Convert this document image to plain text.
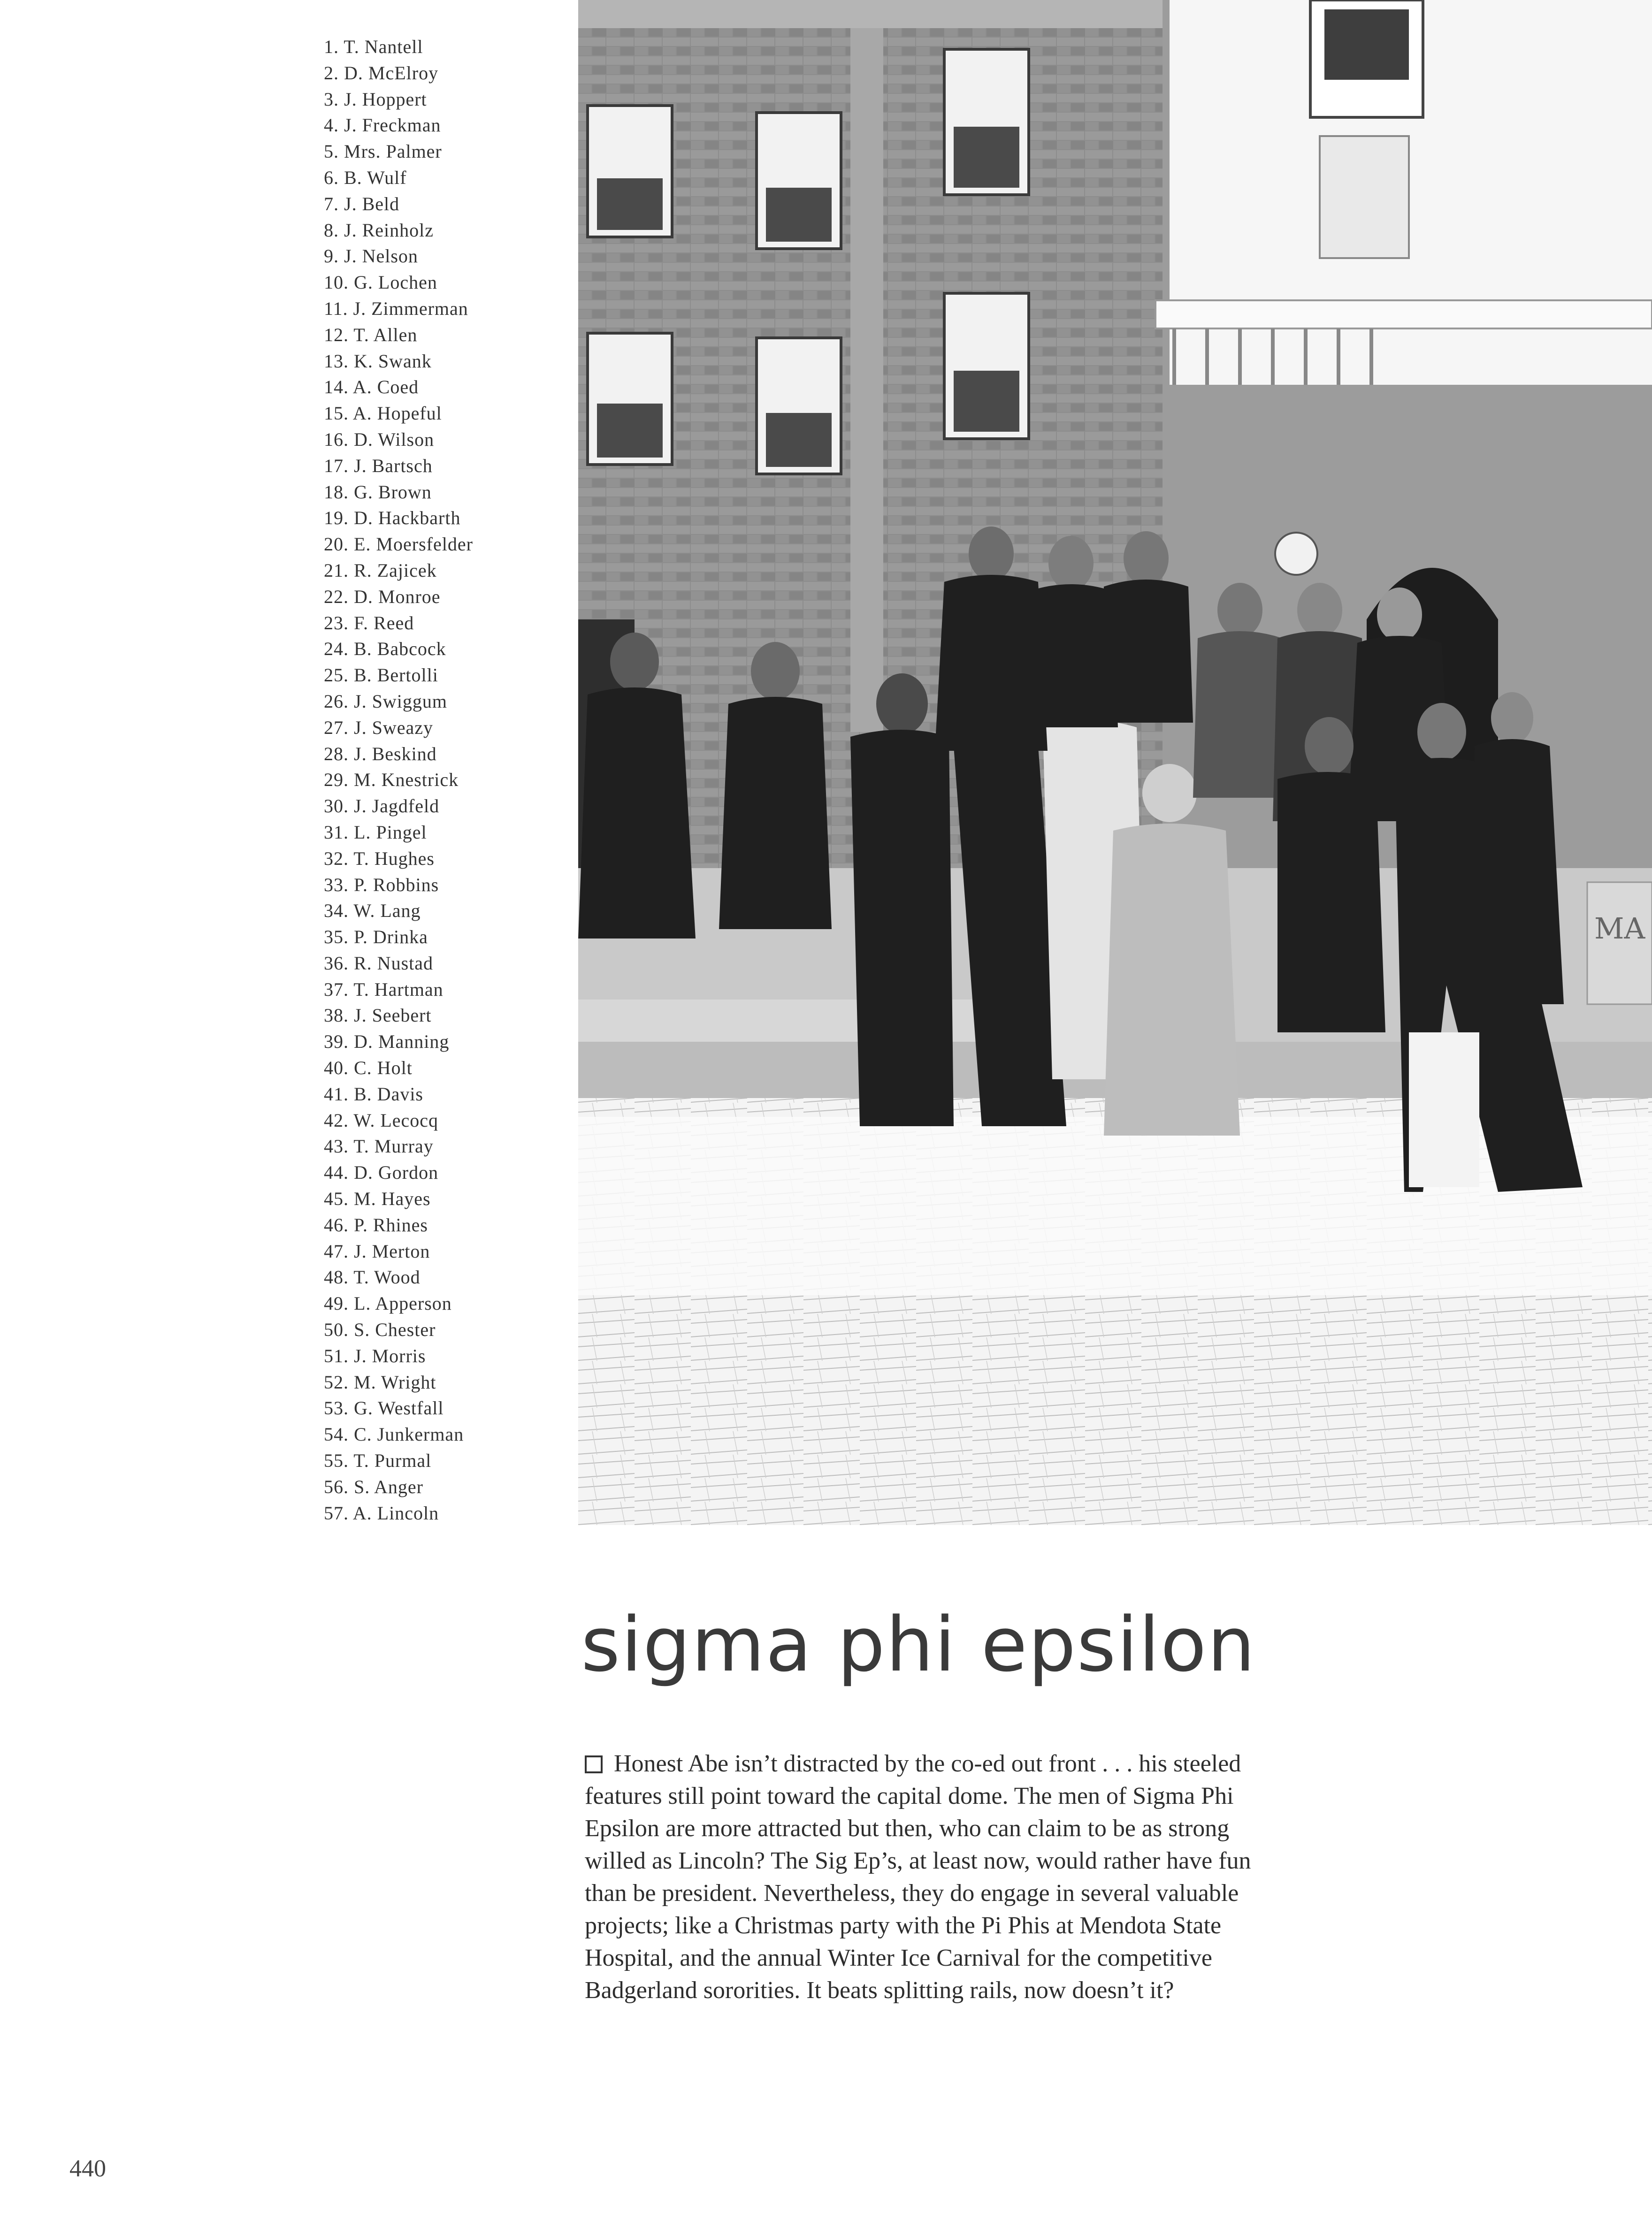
1. T. Nantell
2. D. McElroy
3. J. Hoppert
4. J. Freckman
5. Mrs. Palmer
6. B. Wulf
7. J. Beld
8. J. Reinholz
9. J. Nelson
10. G. Lochen
11. J. Zimmerman
12. T. Allen
13. K. Swank
14. A. Coed
15. A. Hopeful
16. D. Wilson
17. J. Bartsch
18. G. Brown
19. D. Hackbarth
20. E. Moersfelder
21. R. Zajicek
22. D. Monroe
23. F. Reed
24. B. Babcock
25. B. Bertolli
26. J. Swiggum
27. J. Sweazy
28. J. Beskind
29. M. Knestrick
30. J. Jagdfeld
31. L. Pingel
32. T. Hughes
33. P. Robbins
34. W. Lang
35. P. Drinka
36. R. Nustad
37. T. Hartman
38. J. Seebert
39. D. Manning
40. C. Holt
41. B. Davis
42. W. Lecocq
43. T. Murray
44. D. Gordon
45. M. Hayes
46. P. Rhines
47. J. Merton
48. T. Wood
49. L. Apperson
50. S. Chester
51. J. Morris
52. M. Wright
53. G. Westfall
54. C. Junkerman
55. T. Purmal
56. S. Anger
57. A. Lincoln
MA
sigma phi epsilon
Honest Abe isn’t distracted by the co-ed out front . . . his steeled
features still point toward the capital dome. The men of Sigma Phi
Epsilon are more attracted but then, who can claim to be as strong
willed as Lincoln? The Sig Ep’s, at least now, would rather have fun
than be president. Nevertheless, they do engage in several valuable
projects; like a Christmas party with the Pi Phis at Mendota State
Hospital, and the annual Winter Ice Carnival for the competitive
Badgerland sororities. It beats splitting rails, now doesn’t it?
440
